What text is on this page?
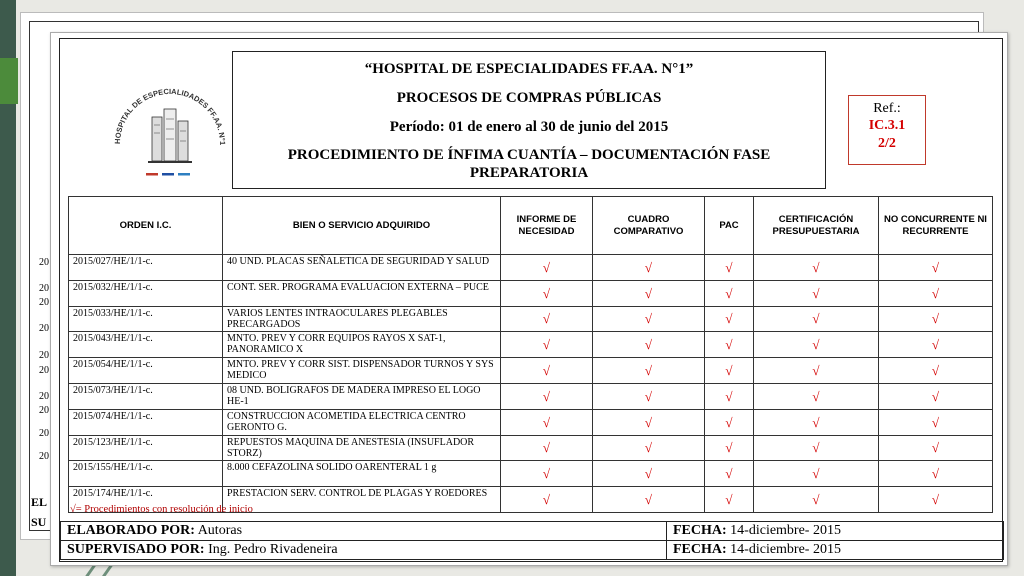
20
20
20
20
20
20
20
20
20
20
EL
SU
HOSPITAL DE ESPECIALIDADES FF.AA. N°1
“HOSPITAL DE ESPECIALIDADES FF.AA. N°1”
PROCESOS DE COMPRAS PÚBLICAS
Período: 01 de enero al 30 de junio del 2015
PROCEDIMIENTO DE ÍNFIMA CUANTÍA – DOCUMENTACIÓN FASE PREPARATORIA
Ref.:
IC.3.1
2/2
ORDEN I.C.	BIEN O SERVICIO ADQUIRIDO	INFORME DE NECESIDAD	CUADRO COMPARATIVO	PAC	CERTIFICACIÓN PRESUPUESTARIA	NO CONCURRENTE NI RECURRENTE
2015/027/HE/1/1-c.	40 UND. PLACAS SEÑALETICA DE SEGURIDAD Y SALUD	√	√	√	√	√
2015/032/HE/1/1-c.	CONT. SER. PROGRAMA EVALUACION EXTERNA – PUCE	√	√	√	√	√
2015/033/HE/1/1-c.	VARIOS LENTES INTRAOCULARES PLEGABLES PRECARGADOS	√	√	√	√	√
2015/043/HE/1/1-c.	MNTO. PREV Y CORR EQUIPOS RAYOS X SAT-1, PANORAMICO X	√	√	√	√	√
2015/054/HE/1/1-c.	MNTO. PREV Y CORR SIST. DISPENSADOR TURNOS Y SYS MEDICO	√	√	√	√	√
2015/073/HE/1/1-c.	08 UND. BOLIGRAFOS DE MADERA IMPRESO EL LOGO HE-1	√	√	√	√	√
2015/074/HE/1/1-c.	CONSTRUCCION ACOMETIDA ELECTRICA CENTRO GERONTO G.	√	√	√	√	√
2015/123/HE/1/1-c.	REPUESTOS MAQUINA DE ANESTESIA (INSUFLADOR STORZ)	√	√	√	√	√
2015/155/HE/1/1-c.	8.000 CEFAZOLINA SOLIDO OARENTERAL 1 g	√	√	√	√	√
2015/174/HE/1/1-c.	PRESTACION SERV. CONTROL DE PLAGAS Y ROEDORES	√	√	√	√	√
√= Procedimientos con resolución de inicio
ELABORADO POR: Autoras	FECHA: 14-diciembre- 2015
SUPERVISADO POR: Ing. Pedro Rivadeneira	FECHA: 14-diciembre- 2015
